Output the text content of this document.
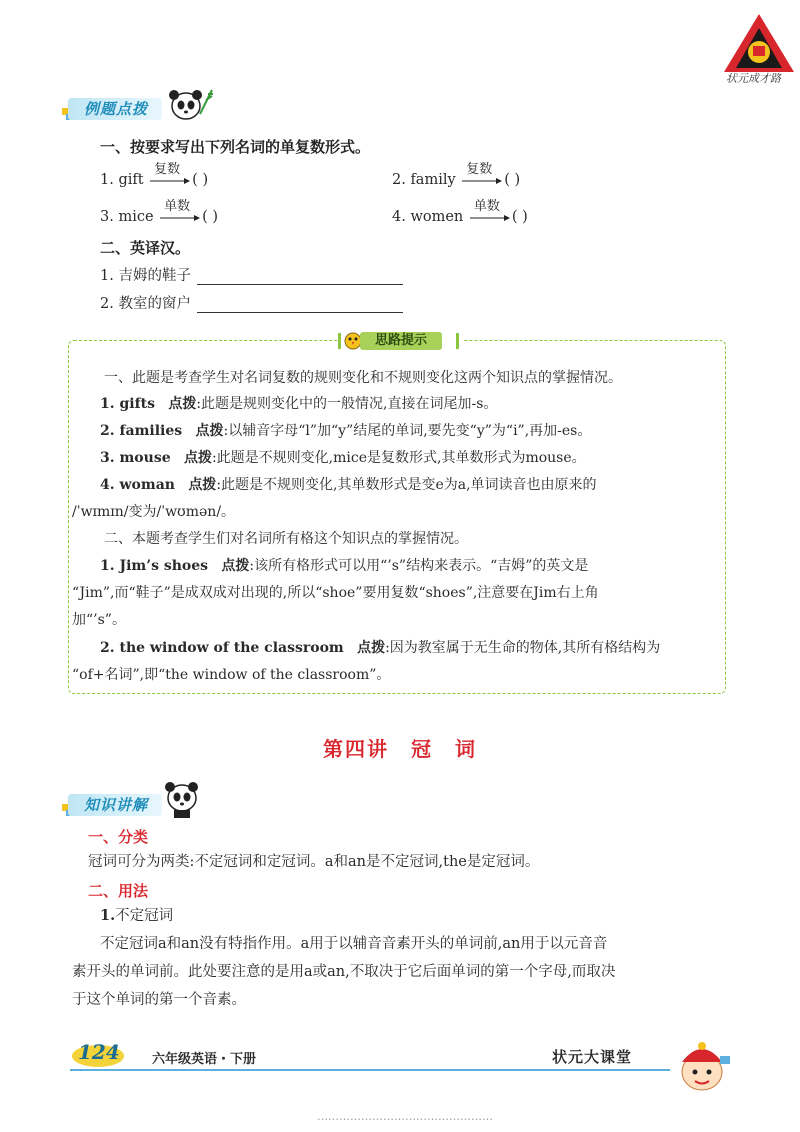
状元成才路
例题点拨
一、按要求写出下列名词的单复数形式。
1. gift
复数
( )	2. family
复数
( )
3. mice
单数
( )	4. women
单数
( )
二、英译汉。
1. 吉姆的鞋子
2. 教室的窗户
思路提示
一、此题是考查学生对名词复数的规则变化和不规则变化这两个知识点的掌握情况。
1. gifts 点拨:此题是规则变化中的一般情况,直接在词尾加-s。
2. families 点拨:以辅音字母“l”加“y”结尾的单词,要先变“y”为“i”,再加-es。
3. mouse 点拨:此题是不规则变化,mice是复数形式,其单数形式为mouse。
4. woman 点拨:此题是不规则变化,其单数形式是变e为a,单词读音也由原来的
/ˈwɪmɪn/变为/ˈwʊmən/。
二、本题考查学生们对名词所有格这个知识点的掌握情况。
1. Jim’s shoes 点拨:该所有格形式可以用“’s”结构来表示。“吉姆”的英文是
“Jim”,而“鞋子”是成双成对出现的,所以“shoe”要用复数“shoes”,注意要在Jim右上角
加“’s”。
2. the window of the classroom 点拨:因为教室属于无生命的物体,其所有格结构为
“of+名词”,即“the window of the classroom”。
第四讲　冠　词
知识讲解
一、分类
冠词可分为两类:不定冠词和定冠词。a和an是不定冠词,the是定冠词。
二、用法
1.不定冠词
不定冠词a和an没有特指作用。a用于以辅音音素开头的单词前,an用于以元音音
素开头的单词前。此处要注意的是用a或an,不取决于它后面单词的第一个字母,而取决
于这个单词的第一个音素。
124 六年级英语・下册	状元大课堂
…………………………………………
